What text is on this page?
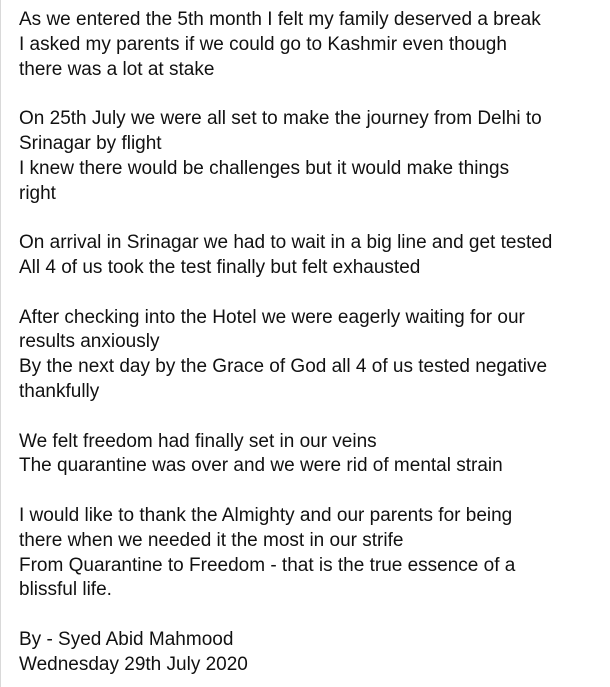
As we entered the 5th month I felt my family deserved a break
I asked my parents if we could go to Kashmir even though
there was a lot at stake
On 25th July we were all set to make the journey from Delhi to
Srinagar by flight
I knew there would be challenges but it would make things
right
On arrival in Srinagar we had to wait in a big line and get tested
All 4 of us took the test finally but felt exhausted
After checking into the Hotel we were eagerly waiting for our
results anxiously
By the next day by the Grace of God all 4 of us tested negative
thankfully
We felt freedom had finally set in our veins
The quarantine was over and we were rid of mental strain
I would like to thank the Almighty and our parents for being
there when we needed it the most in our strife
From Quarantine to Freedom - that is the true essence of a
blissful life.
By - Syed Abid Mahmood
Wednesday 29th July 2020
